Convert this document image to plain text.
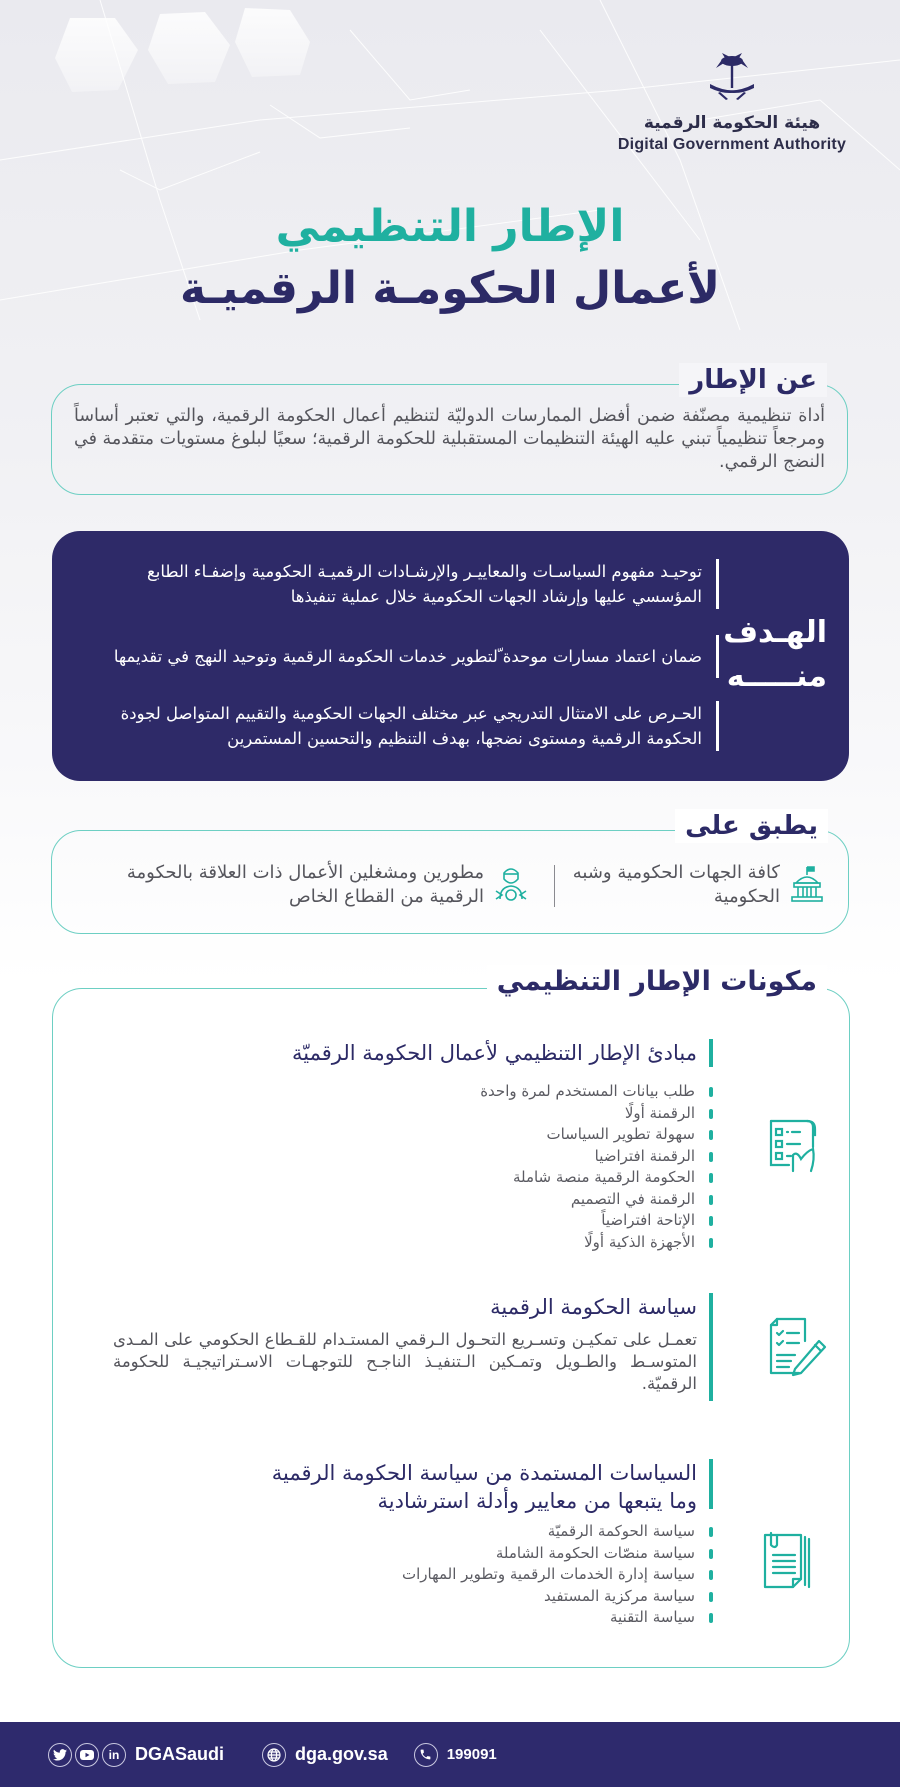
هيئة الحكومة الرقمية
Digital Government Authority
الإطار التنظيمي
لأعمال الحكومـة الرقميـة
عن الإطار
أداة تنظيمية مصنّفة ضمن أفضل الممارسات الدوليّة لتنظيم أعمال الحكومة الرقمية، والتي تعتبر أساساً ومرجعاً تنظيمياً تبني عليه الهيئة التنظيمات المستقبلية للحكومة الرقمية؛ سعيًا لبلوغ مستويات متقدمة في النضج الرقمي.
الهـدف
منـــــه
توحيـد مفهوم السياسـات والمعاييـر والإرشـادات الرقميـة الحكومية وإضفـاء الطابع المؤسسي عليها وإرشاد الجهات الحكومية خلال عملية تنفيذها
ضمان اعتماد مسارات موحدة ّلتطوير خدمات الحكومة الرقمية وتوحيد النهج في تقديمها
الحـرص على الامتثال التدريجي عبر مختلف الجهات الحكومية والتقييم المتواصل لجودة الحكومة الرقمية ومستوى نضجها، بهدف التنظيم والتحسين المستمرين
يطبق على
كافة الجهات الحكومية وشبه الحكومية
مطورين ومشغلين الأعمال ذات العلاقة بالحكومة الرقمية من القطاع الخاص
مكونات الإطار التنظيمي
مبادئ الإطار التنظيمي لأعمال الحكومة الرقميّة
طلب بيانات المستخدم لمرة واحدة
الرقمنة أولًا
سهولة تطوير السياسات
الرقمنة افتراضيا
الحكومة الرقمية منصة شاملة
الرقمنة في التصميم
الإتاحة افتراضياً
الأجهزة الذكية أولًا
سياسة الحكومة الرقمية
تعمـل على تمكيـن وتسـريع التحـول الـرقمي المستـدام للقـطاع الحكومي على المـدى المتوسـط والطـويل وتمـكين الـتنفيـذ الناجـح للتوجهـات الاسـتراتيجيـة للحكومة الرقميّة.
السياسات المستمدة من سياسة الحكومة الرقمية
وما يتبعها من معايير وأدلة استرشادية
سياسة الحوكمة الرقميّة
سياسة منصّات الحكومة الشاملة
سياسة إدارة الخدمات الرقمية وتطوير المهارات
سياسة مركزية المستفيد
سياسة التقنية
in DGASaudi	dga.gov.sa	199091
